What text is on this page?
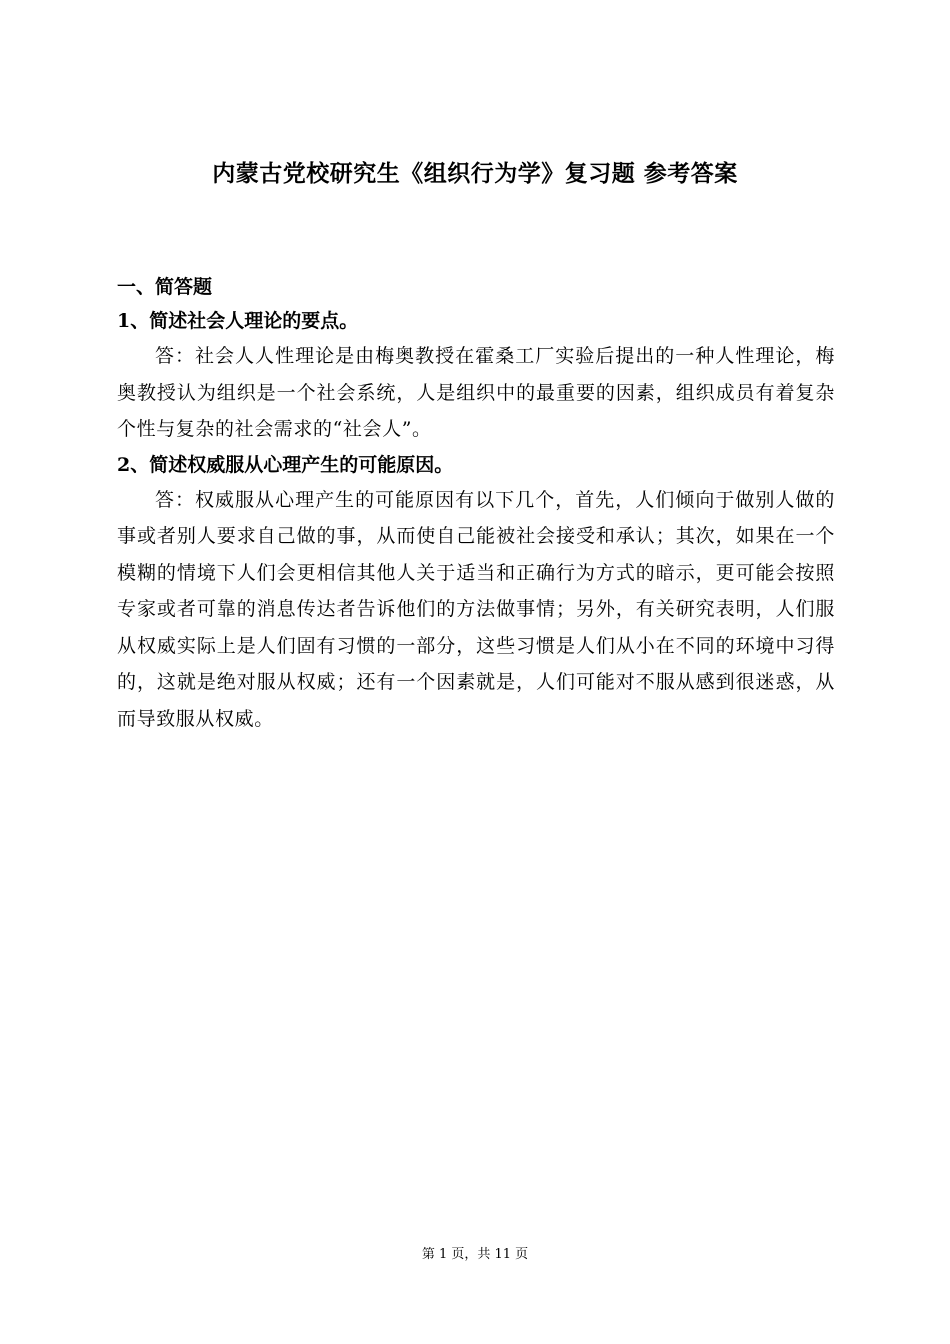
内蒙古党校研究生《组织行为学》复习题 参考答案

一、简答题

1、简述社会人理论的要点。

答：社会人人性理论是由梅奥教授在霍桑工厂实验后提出的一种人性理论，梅奥教授认为组织是一个社会系统，人是组织中的最重要的因素，组织成员有着复杂个性与复杂的社会需求的“社会人”。

2、简述权威服从心理产生的可能原因。

答：权威服从心理产生的可能原因有以下几个，首先，人们倾向于做别人做的事或者别人要求自己做的事，从而使自己能被社会接受和承认；其次，如果在一个模糊的情境下人们会更相信其他人关于适当和正确行为方式的暗示，更可能会按照专家或者可靠的消息传达者告诉他们的方法做事情；另外，有关研究表明，人们服从权威实际上是人们固有习惯的一部分，这些习惯是人们从小在不同的环境中习得的，这就是绝对服从权威；还有一个因素就是，人们可能对不服从感到很迷惑，从而导致服从权威。

第 1 页，共 11 页
